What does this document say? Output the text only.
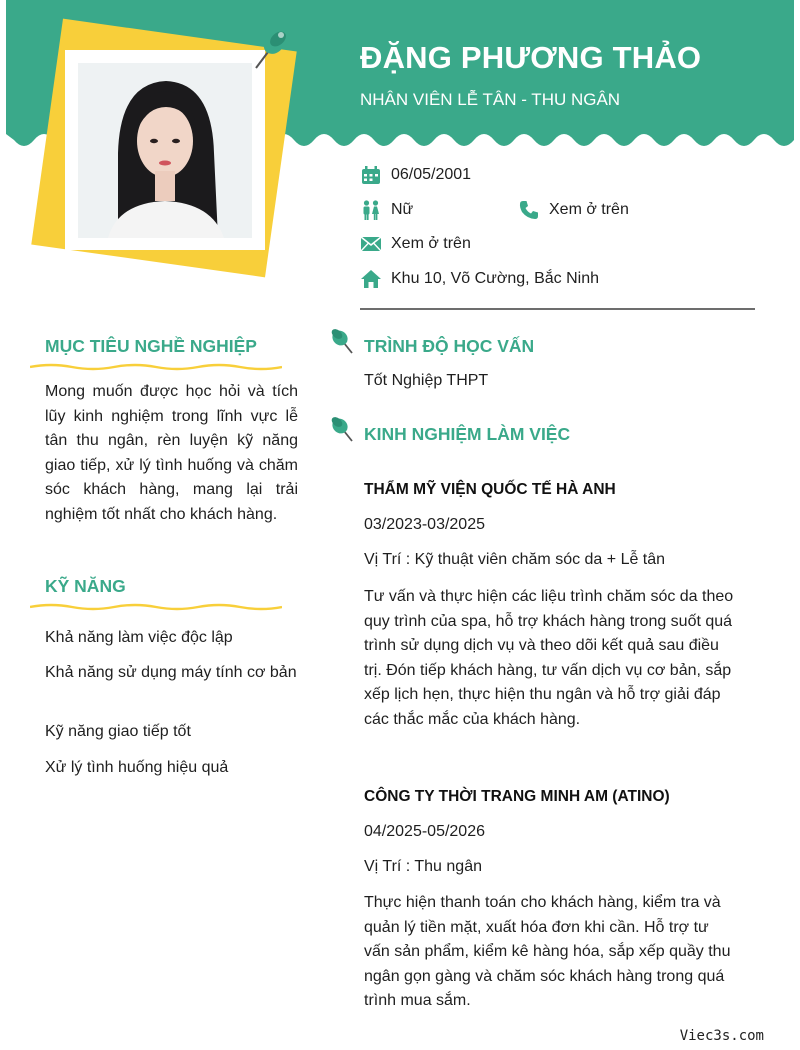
ĐẶNG PHƯƠNG THẢO
NHÂN VIÊN LỄ TÂN - THU NGÂN
06/05/2001
Nữ	Xem ở trên
Xem ở trên
Khu 10, Võ Cường, Bắc Ninh
MỤC TIÊU NGHỀ NGHIỆP
Mong muốn được học hỏi và tích lũy kinh nghiệm trong lĩnh vực lễ tân thu ngân, rèn luyện kỹ năng giao tiếp, xử lý tình huống và chăm sóc khách hàng, mang lại trải nghiệm tốt nhất cho khách hàng.
KỸ NĂNG
Khả năng làm việc độc lập
Khả năng sử dụng máy tính cơ bản
Kỹ năng giao tiếp tốt
Xử lý tình huống hiệu quả
TRÌNH ĐỘ HỌC VẤN
Tốt Nghiệp THPT
KINH NGHIỆM LÀM VIỆC
THẨM MỸ VIỆN QUỐC TẾ HÀ ANH
03/2023-03/2025
Vị Trí : Kỹ thuật viên chăm sóc da + Lễ tân
Tư vấn và thực hiện các liệu trình chăm sóc da theo quy trình của spa, hỗ trợ khách hàng trong suốt quá trình sử dụng dịch vụ và theo dõi kết quả sau điều trị. Đón tiếp khách hàng, tư vấn dịch vụ cơ bản, sắp xếp lịch hẹn, thực hiện thu ngân và hỗ trợ giải đáp các thắc mắc của khách hàng.
CÔNG TY THỜI TRANG MINH AM (ATINO)
04/2025-05/2026
Vị Trí : Thu ngân
Thực hiện thanh toán cho khách hàng, kiểm tra và quản lý tiền mặt, xuất hóa đơn khi cần. Hỗ trợ tư vấn sản phẩm, kiểm kê hàng hóa, sắp xếp quầy thu ngân gọn gàng và chăm sóc khách hàng trong quá trình mua sắm.
Viec3s.com
